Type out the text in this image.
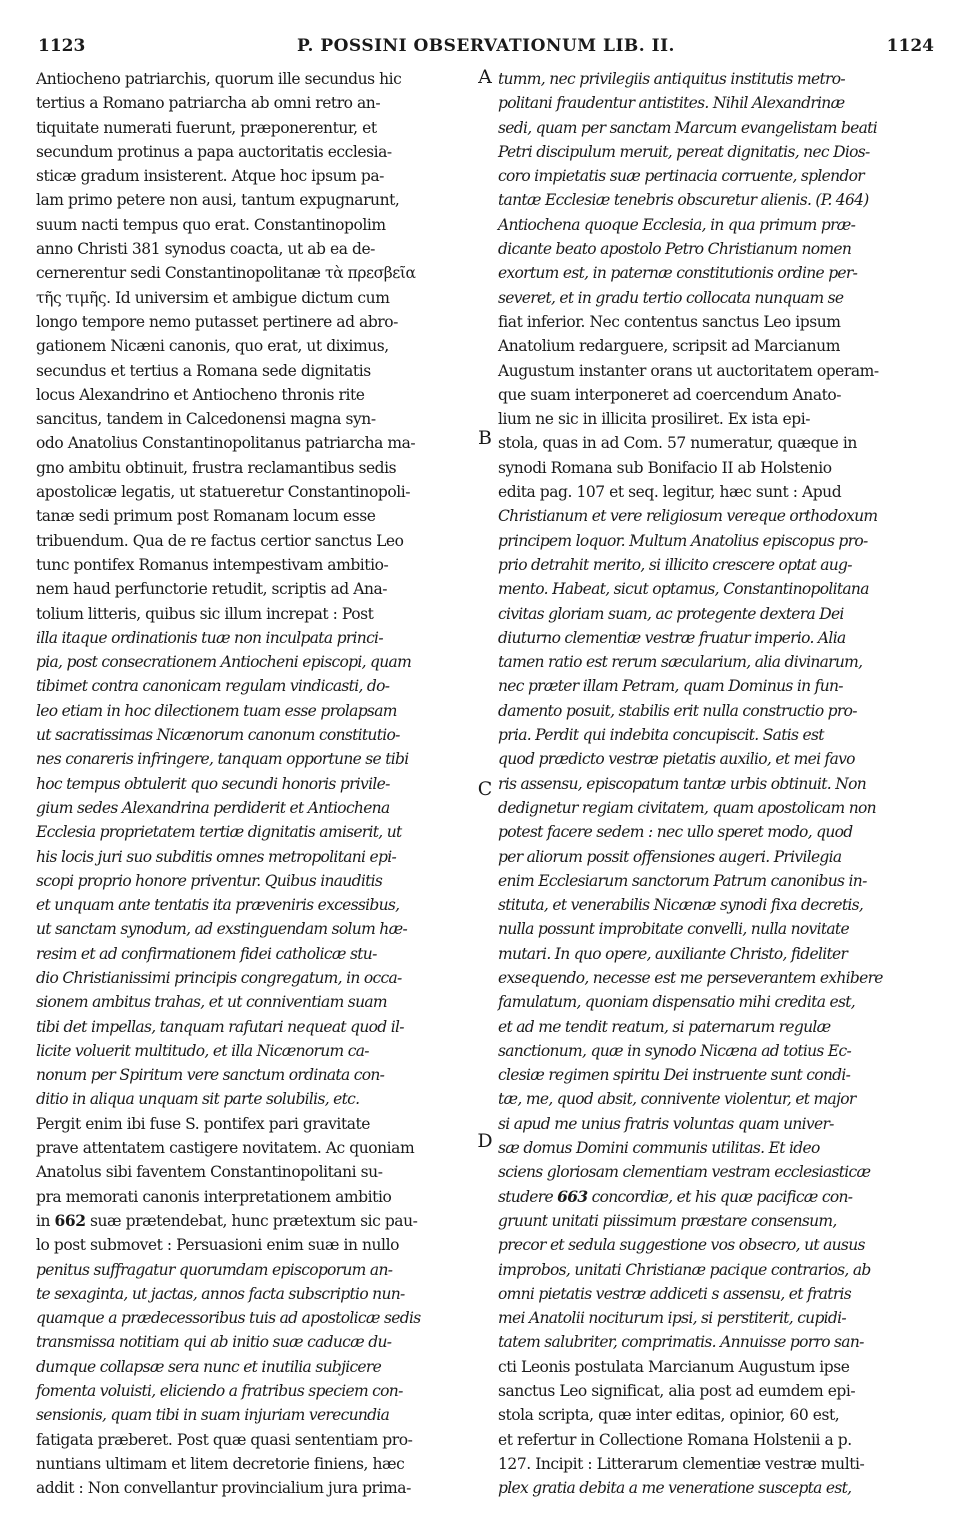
1123	P. POSSINI OBSERVATIONUM LIB. II.	1124
A
B
C
D
Antiocheno patriarchis, quorum ille secundus hic
tertius a Romano patriarcha ab omni retro an-
tiquitate numerati fuerunt, præponerentur, et
secundum protinus a papa auctoritatis ecclesia-
sticæ gradum insisterent. Atque hoc ipsum pa-
lam primo petere non ausi, tantum expugnarunt,
suum nacti tempus quo erat. Constantinopolim
anno Christi 381 synodus coacta, ut ab ea de-
cernerentur sedi Constantinopolitanæ τὰ πρεσβεῖα
τῆς τιμῆς. Id universim et ambigue dictum cum
longo tempore nemo putasset pertinere ad abro-
gationem Nicæni canonis, quo erat, ut diximus,
secundus et tertius a Romana sede dignitatis
locus Alexandrino et Antiocheno thronis rite
sancitus, tandem in Calcedonensi magna syn-
odo Anatolius Constantinopolitanus patriarcha ma-
gno ambitu obtinuit, frustra reclamantibus sedis
apostolicæ legatis, ut statueretur Constantinopoli-
tanæ sedi primum post Romanam locum esse
tribuendum. Qua de re factus certior sanctus Leo
tunc pontifex Romanus intempestivam ambitio-
nem haud perfunctorie retudit, scriptis ad Ana-
tolium litteris, quibus sic illum increpat : Post
illa itaque ordinationis tuæ non inculpata princi-
pia, post consecrationem Antiocheni episcopi, quam
tibimet contra canonicam regulam vindicasti, do-
leo etiam in hoc dilectionem tuam esse prolapsam
ut sacratissimas Nicænorum canonum constitutio-
nes conareris infringere, tanquam opportune se tibi
hoc tempus obtulerit quo secundi honoris privile-
gium sedes Alexandrina perdiderit et Antiochena
Ecclesia proprietatem tertiæ dignitatis amiserit, ut
his locis juri suo subditis omnes metropolitani epi-
scopi proprio honore priventur. Quibus inauditis
et unquam ante tentatis ita præveniris excessibus,
ut sanctam synodum, ad exstinguendam solum hæ-
resim et ad confirmationem fidei catholicæ stu-
dio Christianissimi principis congregatum, in occa-
sionem ambitus trahas, et ut conniventiam suam
tibi det impellas, tanquam rafutari nequeat quod il-
licite voluerit multitudo, et illa Nicænorum ca-
nonum per Spiritum vere sanctum ordinata con-
ditio in aliqua unquam sit parte solubilis, etc.
Pergit enim ibi fuse S. pontifex pari gravitate
prave attentatem castigere novitatem. Ac quoniam
Anatolus sibi faventem Constantinopolitani su-
pra memorati canonis interpretationem ambitio
in 662 suæ prætendebat, hunc prætextum sic pau-
lo post submovet : Persuasioni enim suæ in nullo
penitus suffragatur quorumdam episcoporum an-
te sexaginta, ut jactas, annos facta subscriptio nun-
quamque a prædecessoribus tuis ad apostolicæ sedis
transmissa notitiam qui ab initio suæ caducæ du-
dumque collapsæ sera nunc et inutilia subjicere
fomenta voluisti, eliciendo a fratribus speciem con-
sensionis, quam tibi in suam injuriam verecundia
fatigata præberet. Post quæ quasi sententiam pro-
nuntians ultimam et litem decretorie finiens, hæc
addit : Non convellantur provincialium jura prima-
tumm, nec privilegiis antiquitus institutis metro-
politani fraudentur antistites. Nihil Alexandrinæ
sedi, quam per sanctam Marcum evangelistam beati
Petri discipulum meruit, pereat dignitatis, nec Dios-
coro impietatis suæ pertinacia corruente, splendor
tantæ Ecclesiæ tenebris obscuretur alienis. (P. 464)
Antiochena quoque Ecclesia, in qua primum præ-
dicante beato apostolo Petro Christianum nomen
exortum est, in paternæ constitutionis ordine per-
severet, et in gradu tertio collocata nunquam se
fiat inferior. Nec contentus sanctus Leo ipsum
Anatolium redarguere, scripsit ad Marcianum
Augustum instanter orans ut auctoritatem operam-
que suam interponeret ad coercendum Anato-
lium ne sic in illicita prosiliret. Ex ista epi-
stola, quas in ad Com. 57 numeratur, quæque in
synodi Romana sub Bonifacio II ab Holstenio
edita pag. 107 et seq. legitur, hæc sunt : Apud
Christianum et vere religiosum vereque orthodoxum
principem loquor. Multum Anatolius episcopus pro-
prio detrahit merito, si illicito crescere optat aug-
mento. Habeat, sicut optamus, Constantinopolitana
civitas gloriam suam, ac protegente dextera Dei
diuturno clementiæ vestræ fruatur imperio. Alia
tamen ratio est rerum sæcularium, alia divinarum,
nec præter illam Petram, quam Dominus in fun-
damento posuit, stabilis erit nulla constructio pro-
pria. Perdit qui indebita concupiscit. Satis est
quod prædicto vestræ pietatis auxilio, et mei favo
ris assensu, episcopatum tantæ urbis obtinuit. Non
dedignetur regiam civitatem, quam apostolicam non
potest facere sedem : nec ullo speret modo, quod
per aliorum possit offensiones augeri. Privilegia
enim Ecclesiarum sanctorum Patrum canonibus in-
stituta, et venerabilis Nicænæ synodi fixa decretis,
nulla possunt improbitate convelli, nulla novitate
mutari. In quo opere, auxiliante Christo, fideliter
exsequendo, necesse est me perseverantem exhibere
famulatum, quoniam dispensatio mihi credita est,
et ad me tendit reatum, si paternarum regulæ
sanctionum, quæ in synodo Nicæna ad totius Ec-
clesiæ regimen spiritu Dei instruente sunt condi-
tæ, me, quod absit, connivente violentur, et major
si apud me unius fratris voluntas quam univer-
sæ domus Domini communis utilitas. Et ideo
sciens gloriosam clementiam vestram ecclesiasticæ
studere 663 concordiæ, et his quæ pacificæ con-
gruunt unitati piissimum præstare consensum,
precor et sedula suggestione vos obsecro, ut ausus
improbos, unitati Christianæ pacique contrarios, ab
omni pietatis vestræ addiceti s assensu, et fratris
mei Anatolii nociturum ipsi, si perstiterit, cupidi-
tatem salubriter, comprimatis. Annuisse porro san-
cti Leonis postulata Marcianum Augustum ipse
sanctus Leo significat, alia post ad eumdem epi-
stola scripta, quæ inter editas, opinior, 60 est,
et refertur in Collectione Romana Holstenii a p.
127. Incipit : Litterarum clementiæ vestræ multi-
plex gratia debita a me veneratione suscepta est,
